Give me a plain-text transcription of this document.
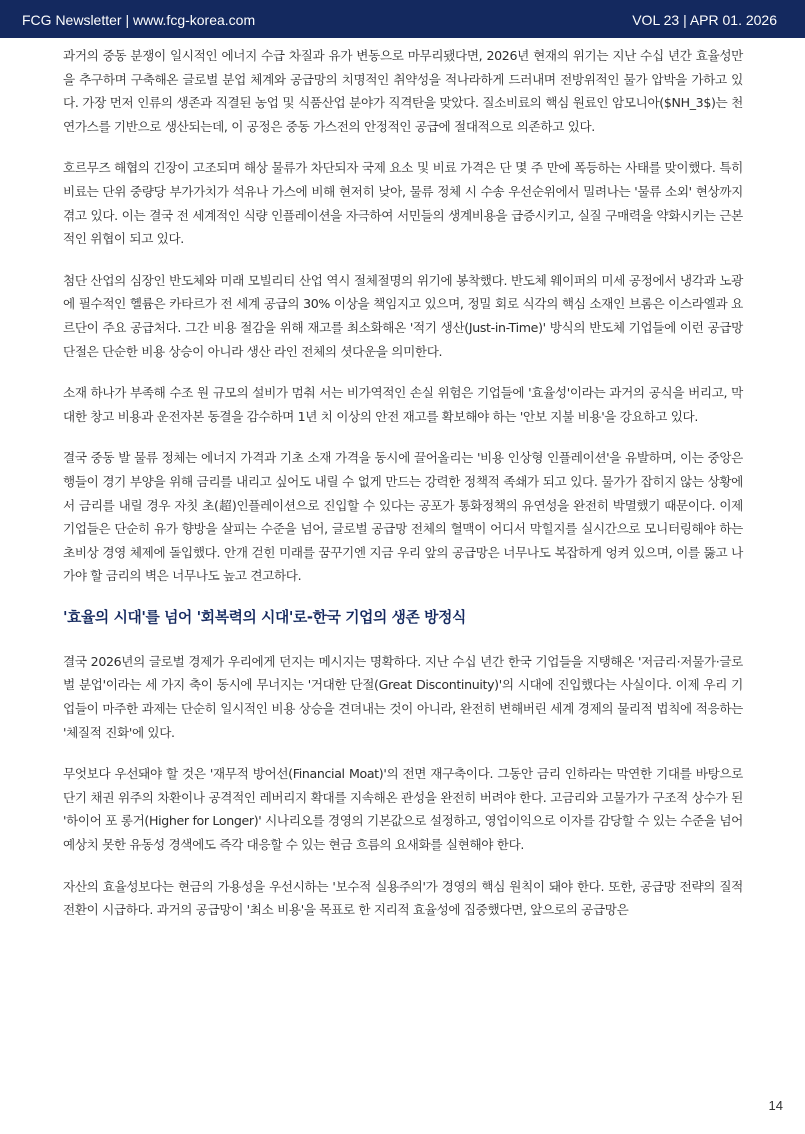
FCG Newsletter | www.fcg-korea.com	VOL 23 | APR 01. 2026

과거의 중동 분쟁이 일시적인 에너지 수급 차질과 유가 변동으로 마무리됐다면, 2026년 현재의 위기는 지난 수십 년간 효율성만을 추구하며 구축해온 글로벌 분업 체계와 공급망의 치명적인 취약성을 적나라하게 드러내며 전방위적인 물가 압박을 가하고 있다. 가장 먼저 인류의 생존과 직결된 농업 및 식품산업 분야가 직격탄을 맞았다. 질소비료의 핵심 원료인 암모니아($NH_3$)는 천연가스를 기반으로 생산되는데, 이 공정은 중동 가스전의 안정적인 공급에 절대적으로 의존하고 있다.

호르무즈 해협의 긴장이 고조되며 해상 물류가 차단되자 국제 요소 및 비료 가격은 단 몇 주 만에 폭등하는 사태를 맞이했다. 특히 비료는 단위 중량당 부가가치가 석유나 가스에 비해 현저히 낮아, 물류 정체 시 수송 우선순위에서 밀려나는 '물류 소외' 현상까지 겪고 있다. 이는 결국 전 세계적인 식량 인플레이션을 자극하여 서민들의 생계비용을 급증시키고, 실질 구매력을 약화시키는 근본적인 위협이 되고 있다.

첨단 산업의 심장인 반도체와 미래 모빌리티 산업 역시 절체절명의 위기에 봉착했다. 반도체 웨이퍼의 미세 공정에서 냉각과 노광에 필수적인 헬륨은 카타르가 전 세계 공급의 30% 이상을 책임지고 있으며, 정밀 회로 식각의 핵심 소재인 브롬은 이스라엘과 요르단이 주요 공급처다. 그간 비용 절감을 위해 재고를 최소화해온 '적기 생산(Just-in-Time)' 방식의 반도체 기업들에 이런 공급망 단절은 단순한 비용 상승이 아니라 생산 라인 전체의 셧다운을 의미한다.

소재 하나가 부족해 수조 원 규모의 설비가 멈춰 서는 비가역적인 손실 위험은 기업들에 '효율성'이라는 과거의 공식을 버리고, 막대한 창고 비용과 운전자본 동결을 감수하며 1년 치 이상의 안전 재고를 확보해야 하는 '안보 지불 비용'을 강요하고 있다.

결국 중동 발 물류 정체는 에너지 가격과 기초 소재 가격을 동시에 끌어올리는 '비용 인상형 인플레이션'을 유발하며, 이는 중앙은행들이 경기 부양을 위해 금리를 내리고 싶어도 내릴 수 없게 만드는 강력한 정책적 족쇄가 되고 있다. 물가가 잡히지 않는 상황에서 금리를 내릴 경우 자칫 초(超)인플레이션으로 진입할 수 있다는 공포가 통화정책의 유연성을 완전히 박멸했기 때문이다. 이제 기업들은 단순히 유가 향방을 살피는 수준을 넘어, 글로벌 공급망 전체의 혈맥이 어디서 막힐지를 실시간으로 모니터링해야 하는 초비상 경영 체제에 돌입했다. 안개 걷힌 미래를 꿈꾸기엔 지금 우리 앞의 공급망은 너무나도 복잡하게 엉켜 있으며, 이를 뚫고 나가야 할 금리의 벽은 너무나도 높고 견고하다.

'효율의 시대'를 넘어 '회복력의 시대'로-한국 기업의 생존 방정식

결국 2026년의 글로벌 경제가 우리에게 던지는 메시지는 명확하다. 지난 수십 년간 한국 기업들을 지탱해온 '저금리·저물가·글로벌 분업'이라는 세 가지 축이 동시에 무너지는 '거대한 단절(Great Discontinuity)'의 시대에 진입했다는 사실이다. 이제 우리 기업들이 마주한 과제는 단순히 일시적인 비용 상승을 견뎌내는 것이 아니라, 완전히 변해버린 세계 경제의 물리적 법칙에 적응하는 '체질적 진화'에 있다.

무엇보다 우선돼야 할 것은 '재무적 방어선(Financial Moat)'의 전면 재구축이다. 그동안 금리 인하라는 막연한 기대를 바탕으로 단기 채권 위주의 차환이나 공격적인 레버리지 확대를 지속해온 관성을 완전히 버려야 한다. 고금리와 고물가가 구조적 상수가 된 '하이어 포 롱거(Higher for Longer)' 시나리오를 경영의 기본값으로 설정하고, 영업이익으로 이자를 감당할 수 있는 수준을 넘어 예상치 못한 유동성 경색에도 즉각 대응할 수 있는 현금 흐름의 요새화를 실현해야 한다.

자산의 효율성보다는 현금의 가용성을 우선시하는 '보수적 실용주의'가 경영의 핵심 원칙이 돼야 한다. 또한, 공급망 전략의 질적 전환이 시급하다. 과거의 공급망이 '최소 비용'을 목표로 한 지리적 효율성에 집중했다면, 앞으로의 공급망은

14
